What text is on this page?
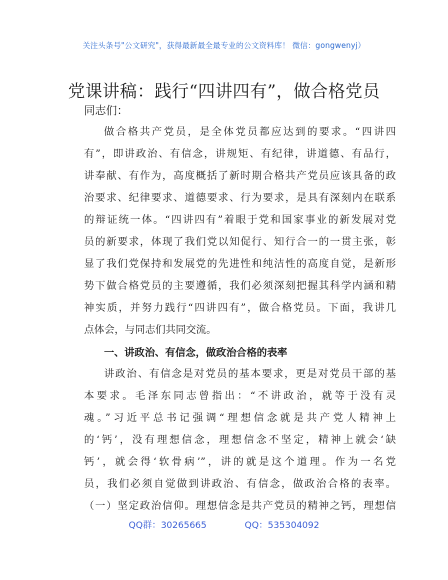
关注头条号"公文研究"，获得最新最全最专业的公文资料库！ 微信：gongwenyj）
党课讲稿：践行“四讲四有”，做合格党员
同志们：
做合格共产党员，是全体党员都应达到的要求。“四讲四
有”，即讲政治、有信念，讲规矩、有纪律，讲道德、有品行，
讲奉献、有作为，高度概括了新时期合格共产党员应该具备的政
治要求、纪律要求、道德要求、行为要求，是具有深刻内在联系
的辩证统一体。“四讲四有”着眼于党和国家事业的新发展对党
员的新要求，体现了我们党以知促行、知行合一的一贯主张，彰
显了我们党保持和发展党的先进性和纯洁性的高度自觉，是新形
势下做合格党员的主要遵循，我们必须深刻把握其科学内涵和精
神实质，并努力践行“四讲四有”，做合格党员。下面，我讲几
点体会，与同志们共同交流。
一、讲政治、有信念，做政治合格的表率
讲政治、有信念是对党员的基本要求，更是对党员干部的基
本要求。毛泽东同志曾指出：“不讲政治，就等于没有灵
魂。”习近平总书记强调“理想信念就是共产党人精神上
的‘钙’，没有理想信念，理想信念不坚定，精神上就会‘缺
钙’，就会得‘软骨病’”，讲的就是这个道理。作为一名党
员，我们必须自觉做到讲政治、有信念，做政治合格的表率。
（一）坚定政治信仰。理想信念是共产党员的精神之钙，理想信
QQ群：30265665	QQ：535304092
